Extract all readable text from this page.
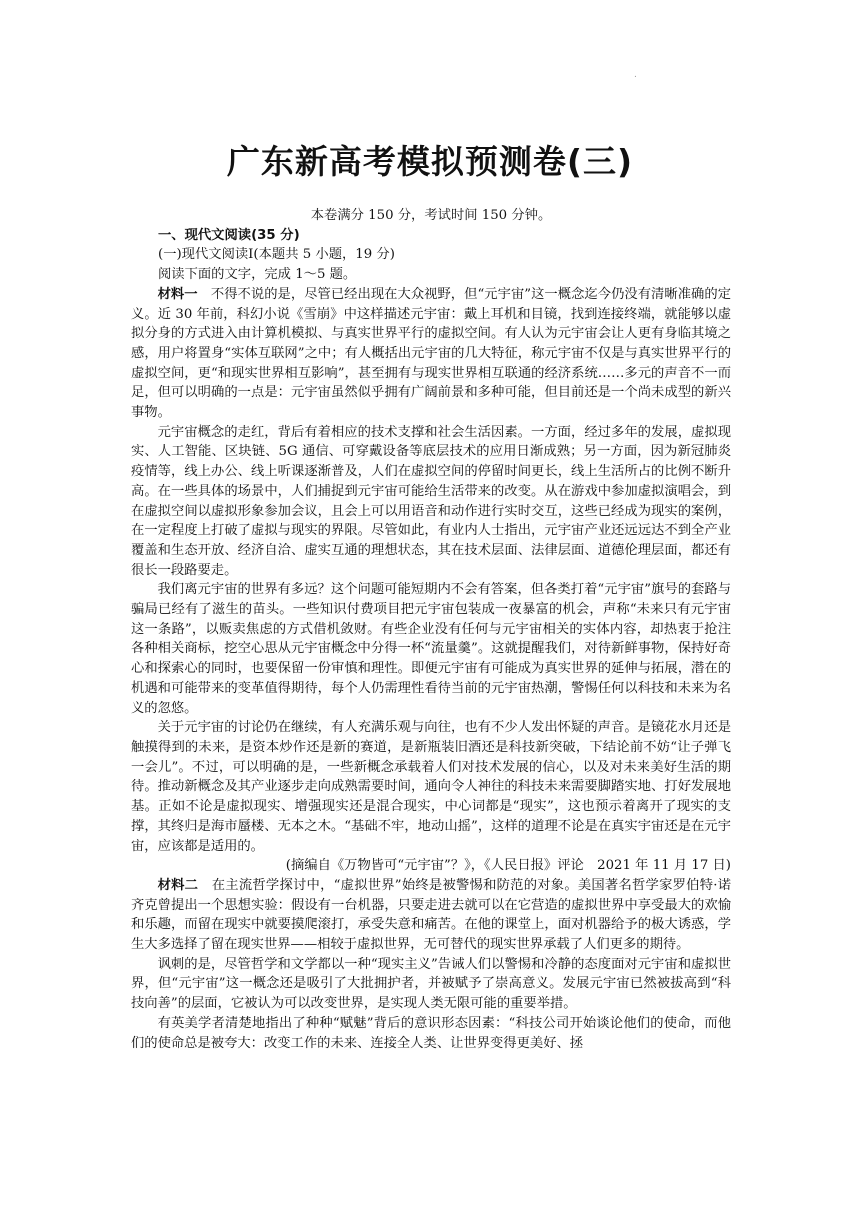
.
广东新高考模拟预测卷(三)
本卷满分 150 分，考试时间 150 分钟。
一、现代文阅读(35 分)
(一)现代文阅读Ⅰ(本题共 5 小题，19 分)
阅读下面的文字，完成 1～5 题。

材料一　 不得不说的是，尽管已经出现在大众视野，但“元宇宙”这一概念迄今仍没有清晰准确的定义。近 30 年前，科幻小说《雪崩》中这样描述元宇宙：戴上耳机和目镜，找到连接终端，就能够以虚拟分身的方式进入由计算机模拟、与真实世界平行的虚拟空间。有人认为元宇宙会让人更有身临其境之感，用户将置身“实体互联网”之中；有人概括出元宇宙的几大特征，称元宇宙不仅是与真实世界平行的虚拟空间，更“和现实世界相互影响”，甚至拥有与现实世界相互联通的经济系统……多元的声音不一而足，但可以明确的一点是：元宇宙虽然似乎拥有广阔前景和多种可能，但目前还是一个尚未成型的新兴事物。

元宇宙概念的走红，背后有着相应的技术支撑和社会生活因素。一方面，经过多年的发展，虚拟现实、人工智能、区块链、5G 通信、可穿戴设备等底层技术的应用日渐成熟；另一方面，因为新冠肺炎疫情等，线上办公、线上听课逐渐普及，人们在虚拟空间的停留时间更长，线上生活所占的比例不断升高。在一些具体的场景中，人们捕捉到元宇宙可能给生活带来的改变。从在游戏中参加虚拟演唱会，到在虚拟空间以虚拟形象参加会议，且会上可以用语音和动作进行实时交互，这些已经成为现实的案例，在一定程度上打破了虚拟与现实的界限。尽管如此，有业内人士指出，元宇宙产业还远远达不到全产业覆盖和生态开放、经济自洽、虚实互通的理想状态，其在技术层面、法律层面、道德伦理层面，都还有很长一段路要走。

我们离元宇宙的世界有多远？这个问题可能短期内不会有答案，但各类打着“元宇宙”旗号的套路与骗局已经有了滋生的苗头。一些知识付费项目把元宇宙包装成一夜暴富的机会，声称“未来只有元宇宙这一条路”，以贩卖焦虑的方式借机敛财。有些企业没有任何与元宇宙相关的实体内容，却热衷于抢注各种相关商标，挖空心思从元宇宙概念中分得一杯“流量羹”。这就提醒我们，对待新鲜事物，保持好奇心和探索心的同时，也要保留一份审慎和理性。即便元宇宙有可能成为真实世界的延伸与拓展，潜在的机遇和可能带来的变革值得期待，每个人仍需理性看待当前的元宇宙热潮，警惕任何以科技和未来为名义的忽悠。

关于元宇宙的讨论仍在继续，有人充满乐观与向往，也有不少人发出怀疑的声音。是镜花水月还是触摸得到的未来，是资本炒作还是新的赛道，是新瓶装旧酒还是科技新突破，下结论前不妨“让子弹飞一会儿”。不过，可以明确的是，一些新概念承载着人们对技术发展的信心，以及对未来美好生活的期待。推动新概念及其产业逐步走向成熟需要时间，通向令人神往的科技未来需要脚踏实地、打好发展地基。正如不论是虚拟现实、增强现实还是混合现实，中心词都是“现实”，这也预示着离开了现实的支撑，其终归是海市蜃楼、无本之木。“基础不牢，地动山摇”，这样的道理不论是在真实宇宙还是在元宇宙，应该都是适用的。

(摘编自《万物皆可“元宇宙”？》，《人民日报》评论　2021 年 11 月 17 日)

材料二　 在主流哲学探讨中，“虚拟世界”始终是被警惕和防范的对象。美国著名哲学家罗伯特·诺齐克曾提出一个思想实验：假设有一台机器，只要走进去就可以在它营造的虚拟世界中享受最大的欢愉和乐趣，而留在现实中就要摸爬滚打，承受失意和痛苦。在他的课堂上，面对机器给予的极大诱惑，学生大多选择了留在现实世界——相较于虚拟世界，无可替代的现实世界承载了人们更多的期待。

讽刺的是，尽管哲学和文学都以一种“现实主义”告诫人们以警惕和冷静的态度面对元宇宙和虚拟世界，但“元宇宙”这一概念还是吸引了大批拥护者，并被赋予了崇高意义。发展元宇宙已然被拔高到“科技向善”的层面，它被认为可以改变世界，是实现人类无限可能的重要举措。

有英美学者清楚地指出了种种“赋魅”背后的意识形态因素：“科技公司开始谈论他们的使命，而他们的使命总是被夸大：改变工作的未来、连接全人类、让世界变得更美好、拯
